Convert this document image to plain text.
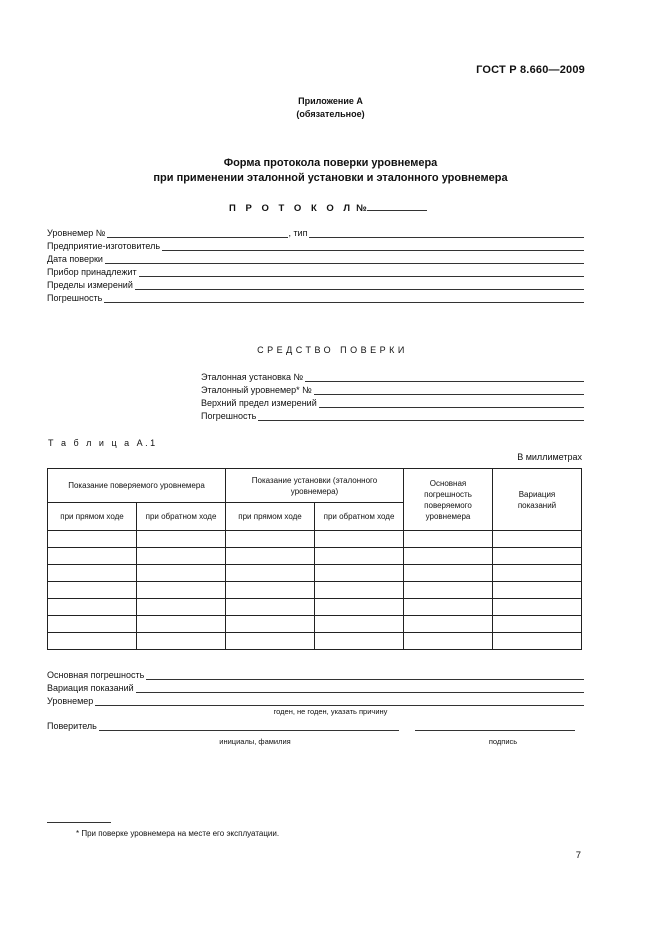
ГОСТ Р 8.660—2009
Приложение А
(обязательное)
Форма протокола поверки уровнемера
при применении эталонной установки и эталонного уровнемера
П Р О Т О К О Л №
Уровнемер №	, тип
Предприятие-изготовитель
Дата поверки
Прибор принадлежит
Пределы измерений
Погрешность
СРЕДСТВО ПОВЕРКИ
Эталонная установка №
Эталонный уровнемер* №
Верхний предел измерений
Погрешность
Т а б л и ц а А.1
В миллиметрах
Показание поверяемого уровнемера		Показание установки (эталонного уровнемера)		Основная погрешность поверяемого уровнемера	Вариация показаний
при прямом ходе	при обратном ходе	при прямом ходе	при обратном ходе		

Основная погрешность
Вариация показаний
Уровнемер
годен, не годен, указать причину
Поверитель
инициалы, фамилия	подпись
* При поверке уровнемера на месте его эксплуатации.
7
